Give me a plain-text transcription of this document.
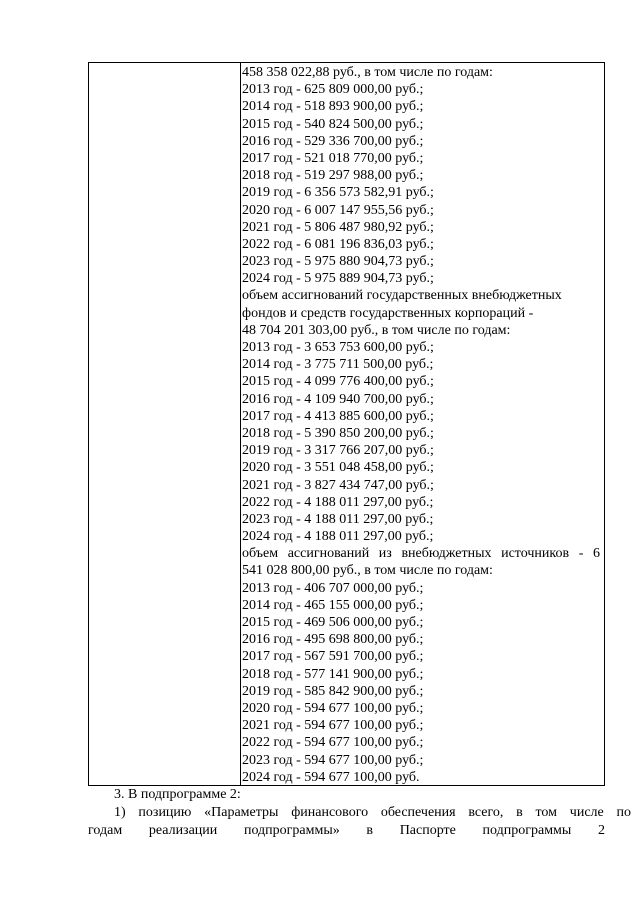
458 358 022,88 руб., в том числе по годам:
2013 год - 625 809 000,00 руб.;
2014 год - 518 893 900,00 руб.;
2015 год - 540 824 500,00 руб.;
2016 год - 529 336 700,00 руб.;
2017 год - 521 018 770,00 руб.;
2018 год - 519 297 988,00 руб.;
2019 год - 6 356 573 582,91 руб.;
2020 год - 6 007 147 955,56 руб.;
2021 год - 5 806 487 980,92 руб.;
2022 год - 6 081 196 836,03 руб.;
2023 год - 5 975 880 904,73 руб.;
2024 год - 5 975 889 904,73 руб.;
объем ассигнований государственных внебюджетных
фондов и средств государственных корпораций -
48 704 201 303,00 руб., в том числе по годам:
2013 год - 3 653 753 600,00 руб.;
2014 год - 3 775 711 500,00 руб.;
2015 год - 4 099 776 400,00 руб.;
2016 год - 4 109 940 700,00 руб.;
2017 год - 4 413 885 600,00 руб.;
2018 год - 5 390 850 200,00 руб.;
2019 год - 3 317 766 207,00 руб.;
2020 год - 3 551 048 458,00 руб.;
2021 год - 3 827 434 747,00 руб.;
2022 год - 4 188 011 297,00 руб.;
2023 год - 4 188 011 297,00 руб.;
2024 год - 4 188 011 297,00 руб.;
объем ассигнований из внебюджетных источников - 6
541 028 800,00 руб., в том числе по годам:
2013 год - 406 707 000,00 руб.;
2014 год - 465 155 000,00 руб.;
2015 год - 469 506 000,00 руб.;
2016 год - 495 698 800,00 руб.;
2017 год - 567 591 700,00 руб.;
2018 год - 577 141 900,00 руб.;
2019 год - 585 842 900,00 руб.;
2020 год - 594 677 100,00 руб.;
2021 год - 594 677 100,00 руб.;
2022 год - 594 677 100,00 руб.;
2023 год - 594 677 100,00 руб.;
2024 год - 594 677 100,00 руб.
3. В подпрограмме 2:
1) позицию «Параметры финансового обеспечения всего, в том числе по
годам реализации подпрограммы» в Паспорте подпрограммы 2
